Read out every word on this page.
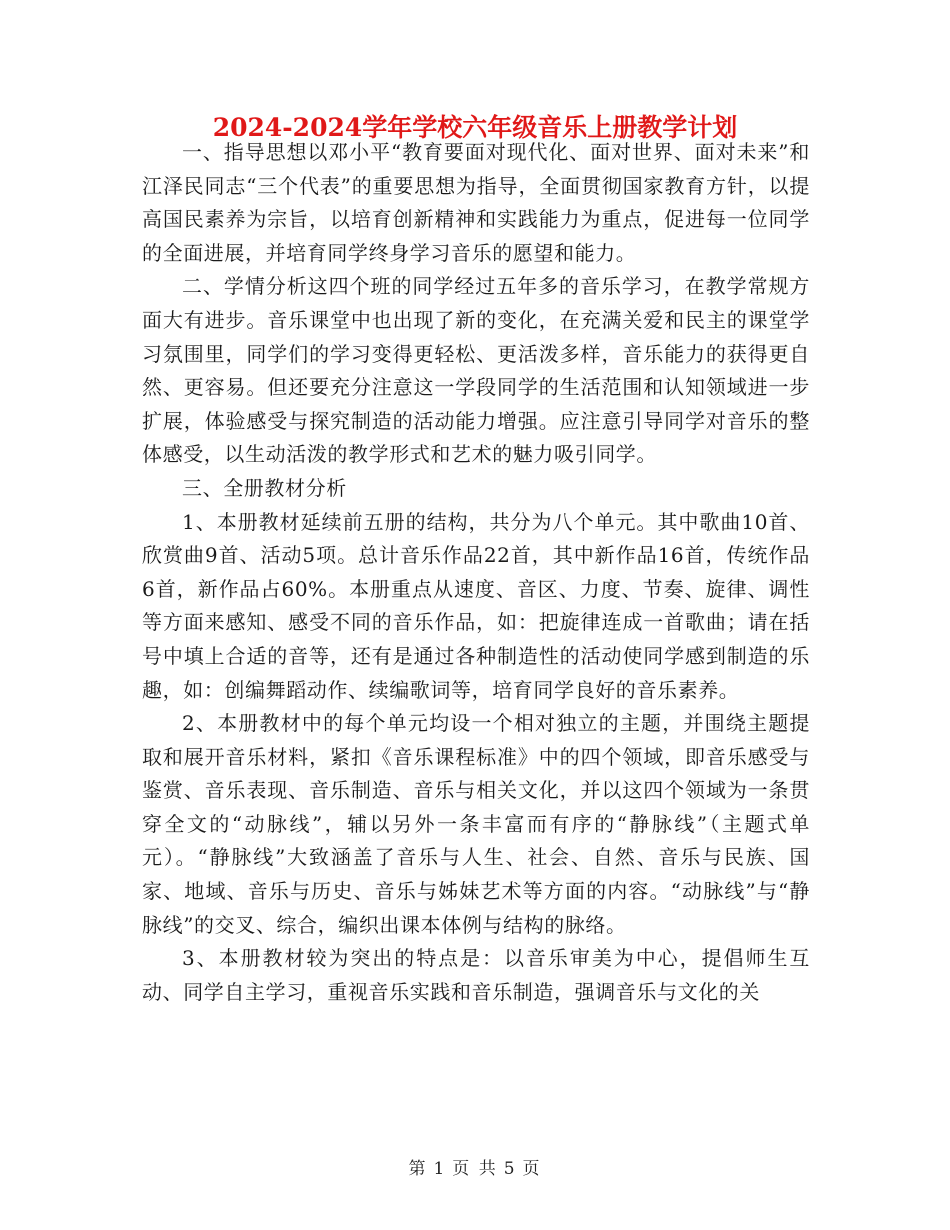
2024-2024学年学校六年级音乐上册教学计划

一、指导思想以邓小平“教育要面对现代化、面对世界、面对未来”和江泽民同志“三个代表”的重要思想为指导，全面贯彻国家教育方针，以提高国民素养为宗旨，以培育创新精神和实践能力为重点，促进每一位同学的全面进展，并培育同学终身学习音乐的愿望和能力。

二、学情分析这四个班的同学经过五年多的音乐学习，在教学常规方面大有进步。音乐课堂中也出现了新的变化，在充满关爱和民主的课堂学习氛围里，同学们的学习变得更轻松、更活泼多样，音乐能力的获得更自然、更容易。但还要充分注意这一学段同学的生活范围和认知领域进一步扩展，体验感受与探究制造的活动能力增强。应注意引导同学对音乐的整体感受，以生动活泼的教学形式和艺术的魅力吸引同学。

三、全册教材分析

1、本册教材延续前五册的结构，共分为八个单元。其中歌曲10首、欣赏曲9首、活动5项。总计音乐作品22首，其中新作品16首，传统作品6首，新作品占60%。本册重点从速度、音区、力度、节奏、旋律、调性等方面来感知、感受不同的音乐作品，如：把旋律连成一首歌曲；请在括号中填上合适的音等，还有是通过各种制造性的活动使同学感到制造的乐趣，如：创编舞蹈动作、续编歌词等，培育同学良好的音乐素养。

2、本册教材中的每个单元均设一个相对独立的主题，并围绕主题提取和展开音乐材料，紧扣《音乐课程标准》中的四个领域，即音乐感受与鉴赏、音乐表现、音乐制造、音乐与相关文化，并以这四个领域为一条贯穿全文的“动脉线”，辅以另外一条丰富而有序的“静脉线”（主题式单元）。“静脉线”大致涵盖了音乐与人生、社会、自然、音乐与民族、国家、地域、音乐与历史、音乐与姊妹艺术等方面的内容。“动脉线”与“静脉线”的交叉、综合，编织出课本体例与结构的脉络。

3、本册教材较为突出的特点是：以音乐审美为中心，提倡师生互动、同学自主学习，重视音乐实践和音乐制造，强调音乐与文化的关

第 1 页 共 5 页
